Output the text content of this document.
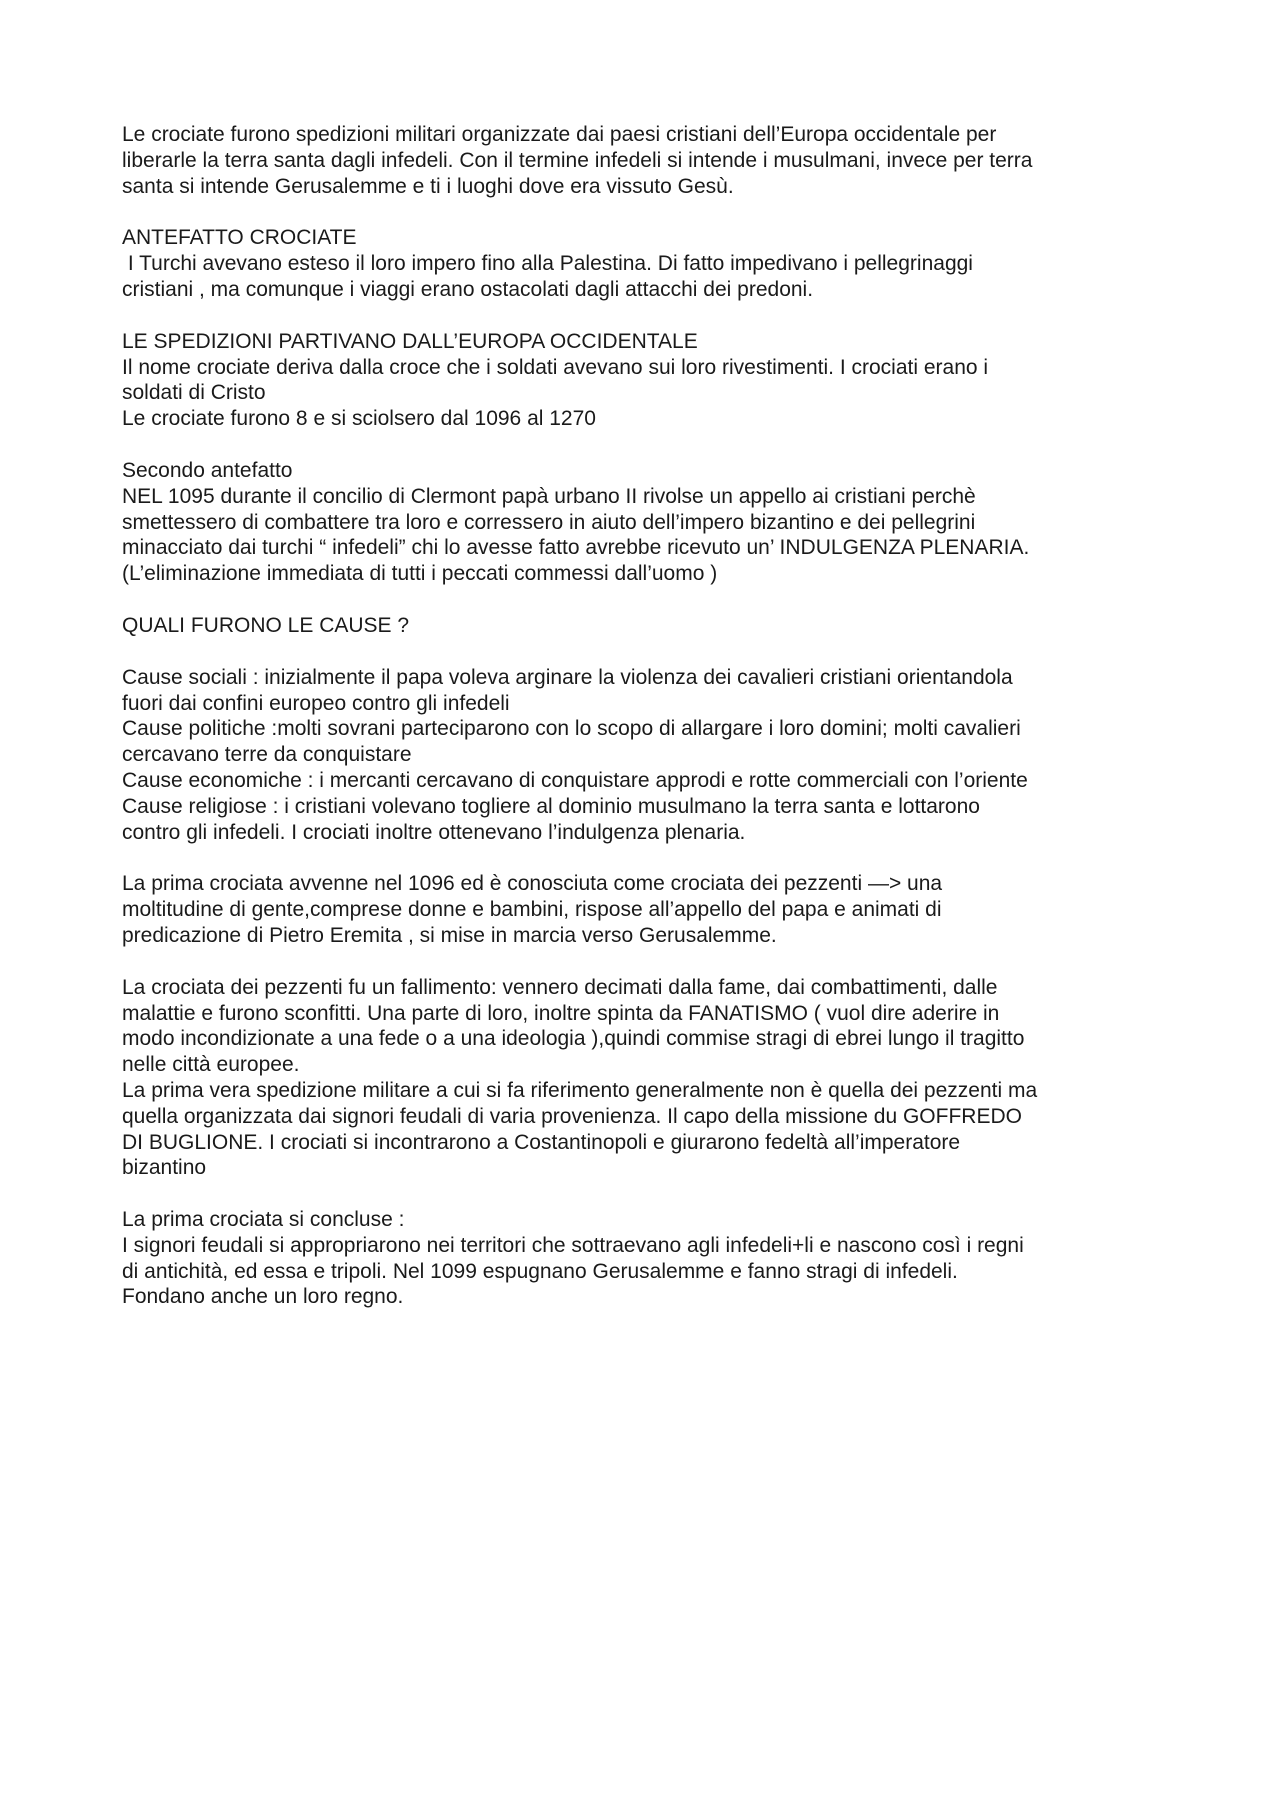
Le crociate furono spedizioni militari organizzate dai paesi cristiani dell’Europa occidentale per
liberarle la terra santa dagli infedeli. Con il termine infedeli si intende i musulmani, invece per terra
santa si intende Gerusalemme e ti i luoghi dove era vissuto Gesù.
ANTEFATTO CROCIATE
I Turchi avevano esteso il loro impero fino alla Palestina. Di fatto impedivano i pellegrinaggi
cristiani , ma comunque i viaggi erano ostacolati dagli attacchi dei predoni.
LE SPEDIZIONI PARTIVANO DALL’EUROPA OCCIDENTALE
Il nome crociate deriva dalla croce che i soldati avevano sui loro rivestimenti. I crociati erano i
soldati di Cristo
Le crociate furono 8 e si sciolsero dal 1096 al 1270
Secondo antefatto
NEL 1095 durante il concilio di Clermont papà urbano II rivolse un appello ai cristiani perchè
smettessero di combattere tra loro e corressero in aiuto dell’impero bizantino e dei pellegrini
minacciato dai turchi “ infedeli” chi lo avesse fatto avrebbe ricevuto un’ INDULGENZA PLENARIA.
(L’eliminazione immediata di tutti i peccati commessi dall’uomo )
QUALI FURONO LE CAUSE ?
Cause sociali : inizialmente il papa voleva arginare la violenza dei cavalieri cristiani orientandola
fuori dai confini europeo contro gli infedeli
Cause politiche :molti sovrani parteciparono con lo scopo di allargare i loro domini; molti cavalieri
cercavano terre da conquistare
Cause economiche : i mercanti cercavano di conquistare approdi e rotte commerciali con l’oriente
Cause religiose : i cristiani volevano togliere al dominio musulmano la terra santa e lottarono
contro gli infedeli. I crociati inoltre ottenevano l’indulgenza plenaria.
La prima crociata avvenne nel 1096 ed è conosciuta come crociata dei pezzenti —> una
moltitudine di gente,comprese donne e bambini, rispose all’appello del papa e animati di
predicazione di Pietro Eremita , si mise in marcia verso Gerusalemme.
La crociata dei pezzenti fu un fallimento: vennero decimati dalla fame, dai combattimenti, dalle
malattie e furono sconfitti. Una parte di loro, inoltre spinta da FANATISMO ( vuol dire aderire in
modo incondizionate a una fede o a una ideologia ),quindi commise stragi di ebrei lungo il tragitto
nelle città europee.
La prima vera spedizione militare a cui si fa riferimento generalmente non è quella dei pezzenti ma
quella organizzata dai signori feudali di varia provenienza. Il capo della missione du GOFFREDO
DI BUGLIONE. I crociati si incontrarono a Costantinopoli e giurarono fedeltà all’imperatore
bizantino
La prima crociata si concluse :
I signori feudali si appropriarono nei territori che sottraevano agli infedeli+li e nascono così i regni
di antichità, ed essa e tripoli. Nel 1099 espugnano Gerusalemme e fanno stragi di infedeli.
Fondano anche un loro regno.
